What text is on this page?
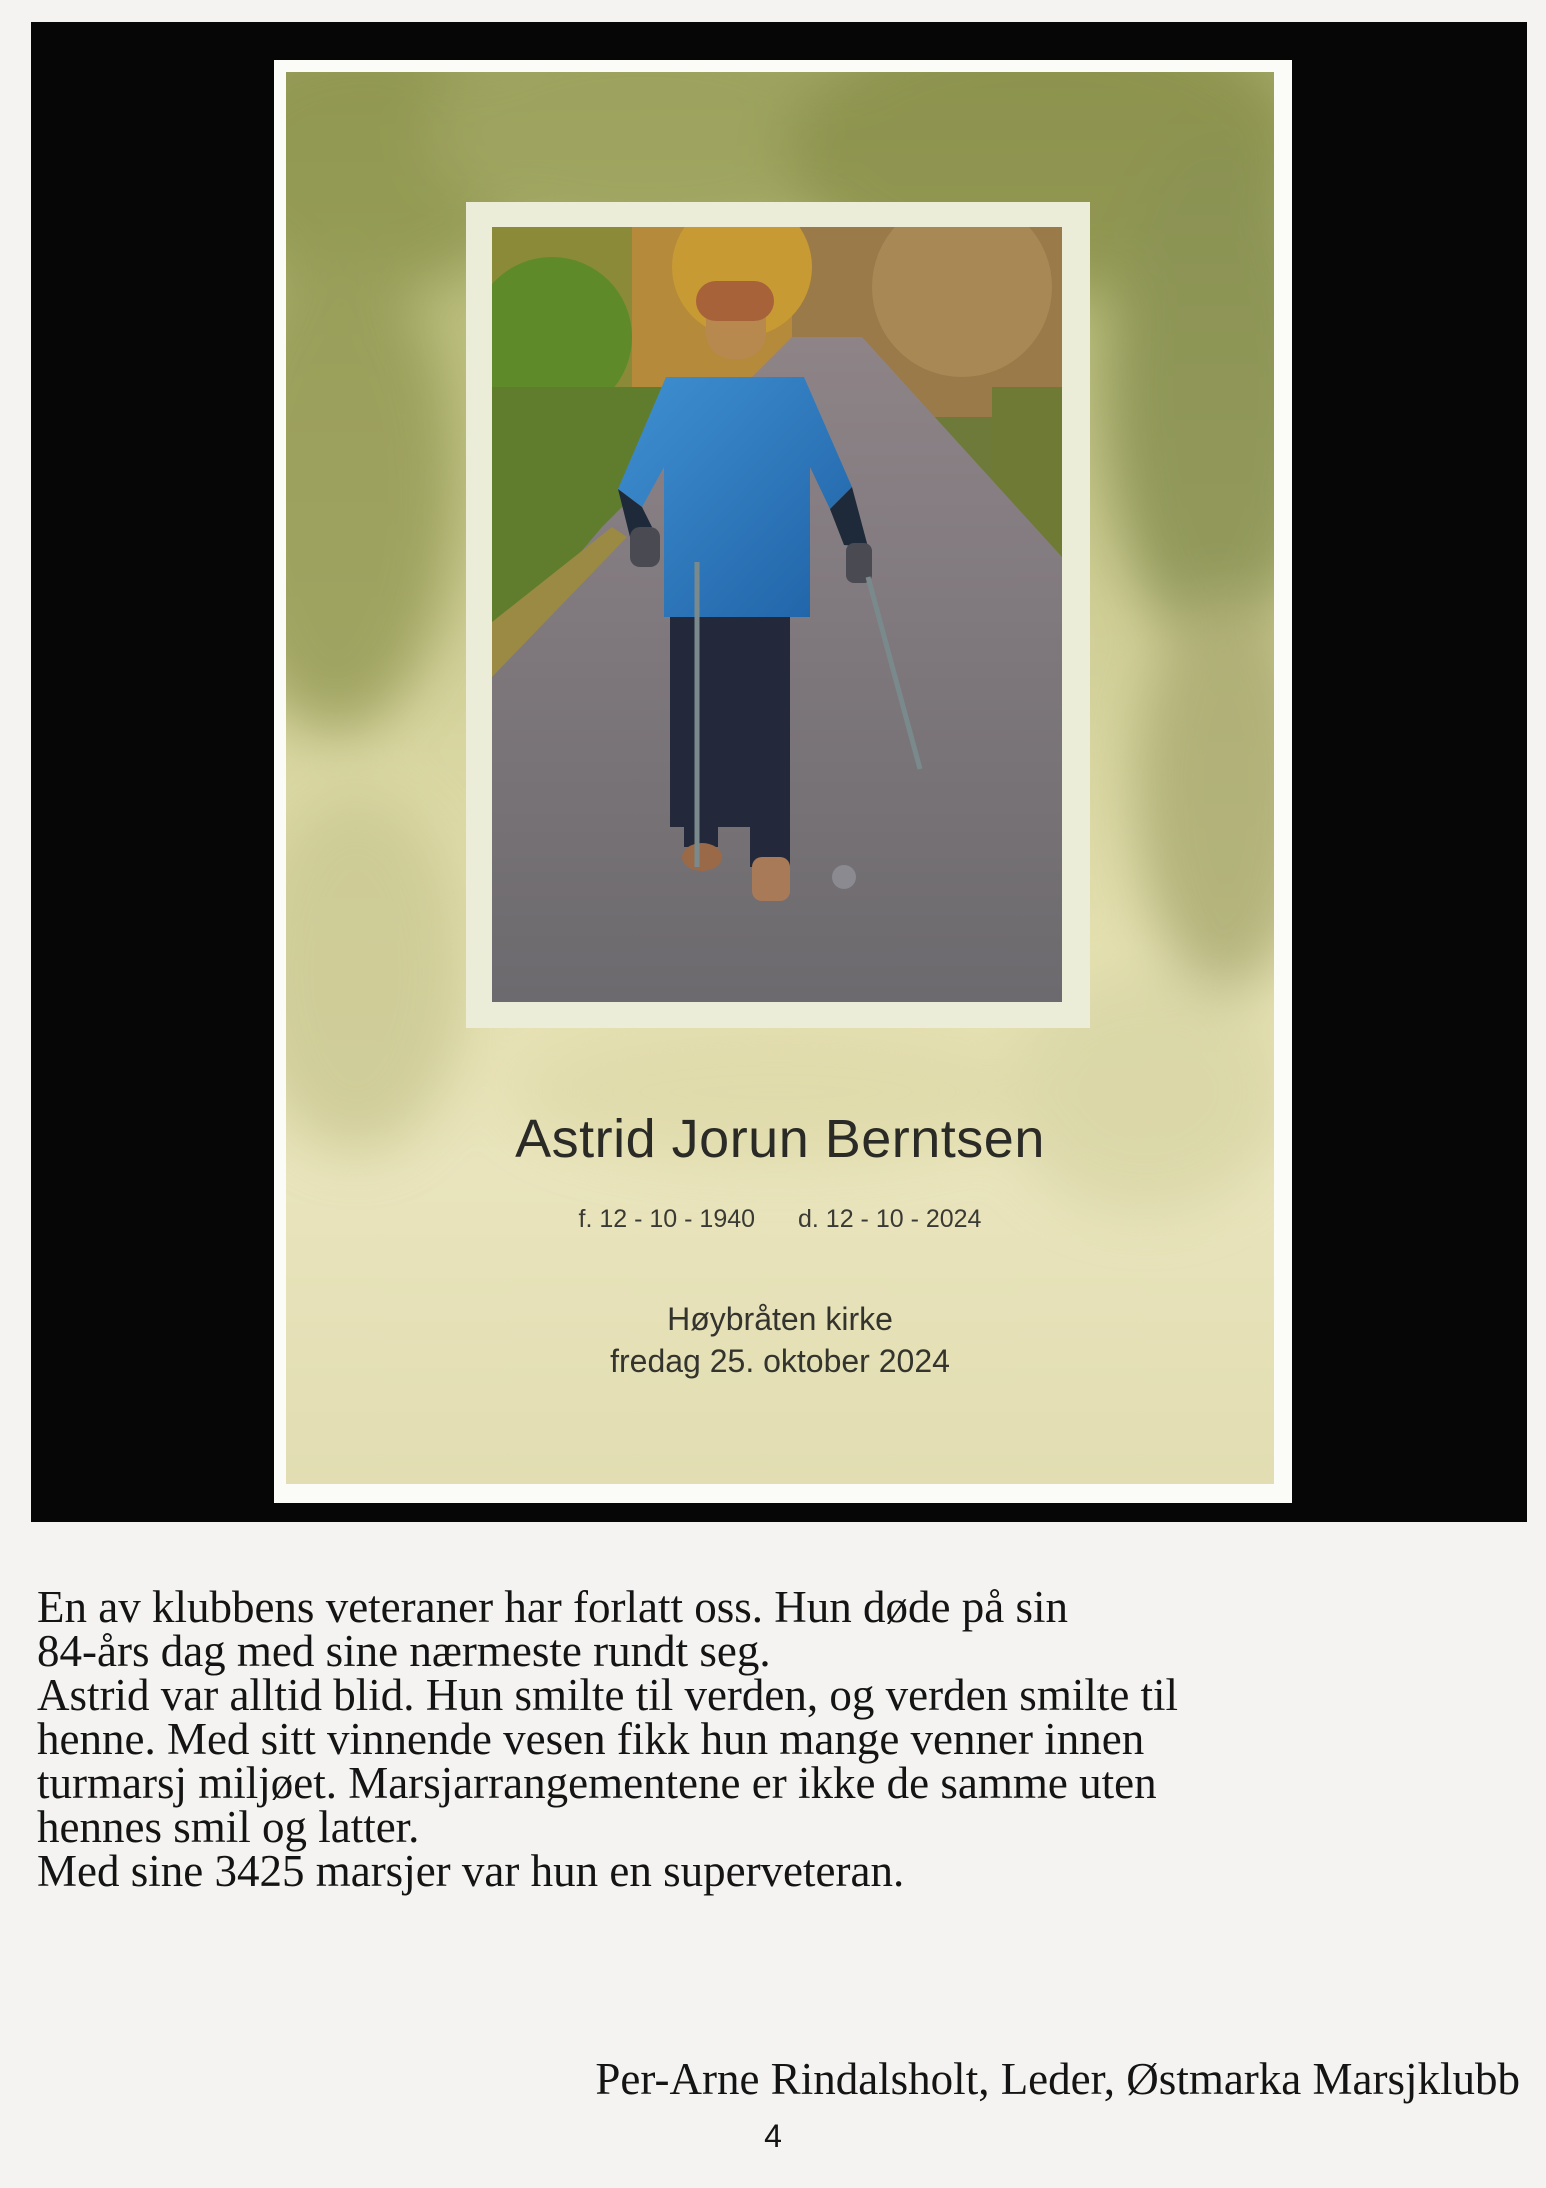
Astrid Jorun Berntsen
f. 12 - 10 - 1940 d. 12 - 10 - 2024
Høybråten kirke
fredag 25. oktober 2024

En av klubbens veteraner har forlatt oss. Hun døde på sin

84-års dag med sine nærmeste rundt seg.

Astrid var alltid blid. Hun smilte til verden, og verden smilte til

henne. Med sitt vinnende vesen fikk hun mange venner innen

turmarsj miljøet. Marsjarrangementene er ikke de samme uten

hennes smil og latter.

Med sine 3425 marsjer var hun en superveteran.

Per-Arne Rindalsholt, Leder, Østmarka Marsjklubb
4
